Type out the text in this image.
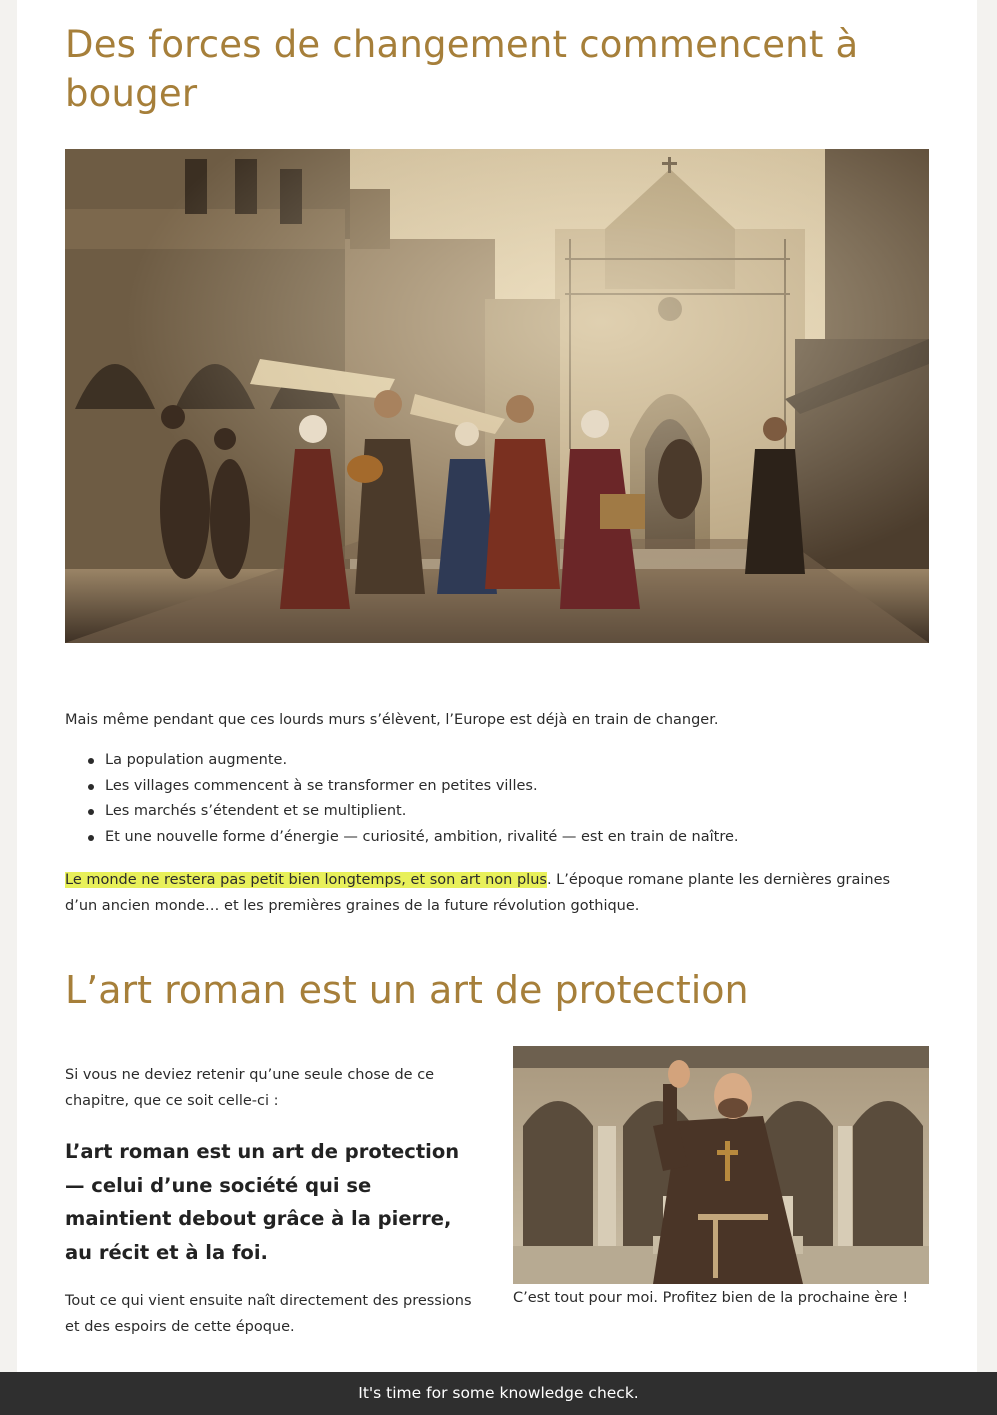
Des forces de changement commencent à bouger

Mais même pendant que ces lourds murs s’élèvent, l’Europe est déjà en train de changer.

La population augmente.
Les villages commencent à se transformer en petites villes.
Les marchés s’étendent et se multiplient.
Et une nouvelle forme d’énergie — curiosité, ambition, rivalité — est en train de naître.

Le monde ne restera pas petit bien longtemps, et son art non plus. L’époque romane plante les dernières graines d’un ancien monde… et les premières graines de la future révolution gothique.

L’art roman est un art de protection

Si vous ne deviez retenir qu’une seule chose de ce chapitre, que ce soit celle-ci :

L’art roman est un art de protection — celui d’une société qui se maintient debout grâce à la pierre, au récit et à la foi.

Tout ce qui vient ensuite naît directement des pressions et des espoirs de cette époque.

C’est tout pour moi. Profitez bien de la prochaine ère !

It's time for some knowledge check.
